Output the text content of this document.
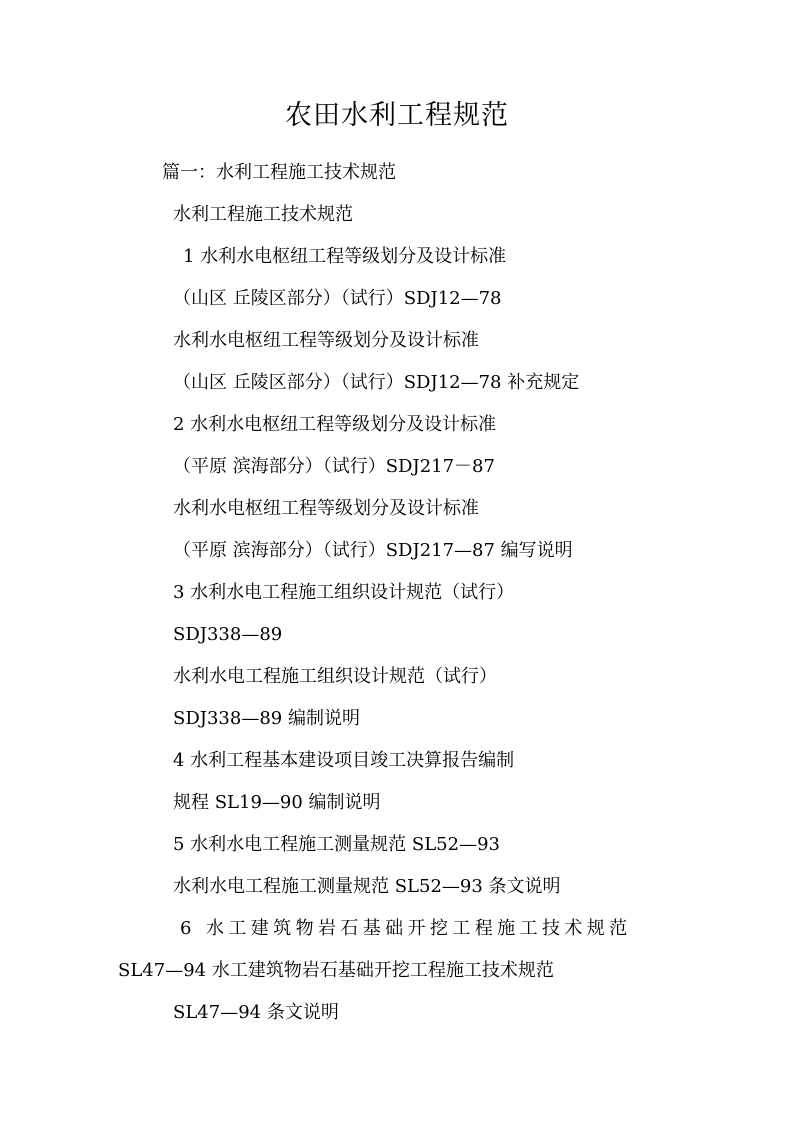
农田水利工程规范
篇一：水利工程施工技术规范
水利工程施工技术规范
1 水利水电枢纽工程等级划分及设计标准
（山区 丘陵区部分）（试行）SDJ12—78
水利水电枢纽工程等级划分及设计标准
（山区 丘陵区部分）（试行）SDJ12—78 补充规定
2 水利水电枢纽工程等级划分及设计标准
（平原 滨海部分）（试行）SDJ217－87
水利水电枢纽工程等级划分及设计标准
（平原 滨海部分）（试行）SDJ217—87 编写说明
3 水利水电工程施工组织设计规范（试行）
SDJ338—89
水利水电工程施工组织设计规范（试行）
SDJ338—89 编制说明
4 水利工程基本建设项目竣工决算报告编制
规程 SL19—90 编制说明
5 水利水电工程施工测量规范 SL52—93
水利水电工程施工测量规范 SL52—93 条文说明
6 水工建筑物岩石基础开挖工程施工技术规范
SL47—94 水工建筑物岩石基础开挖工程施工技术规范
SL47—94 条文说明
